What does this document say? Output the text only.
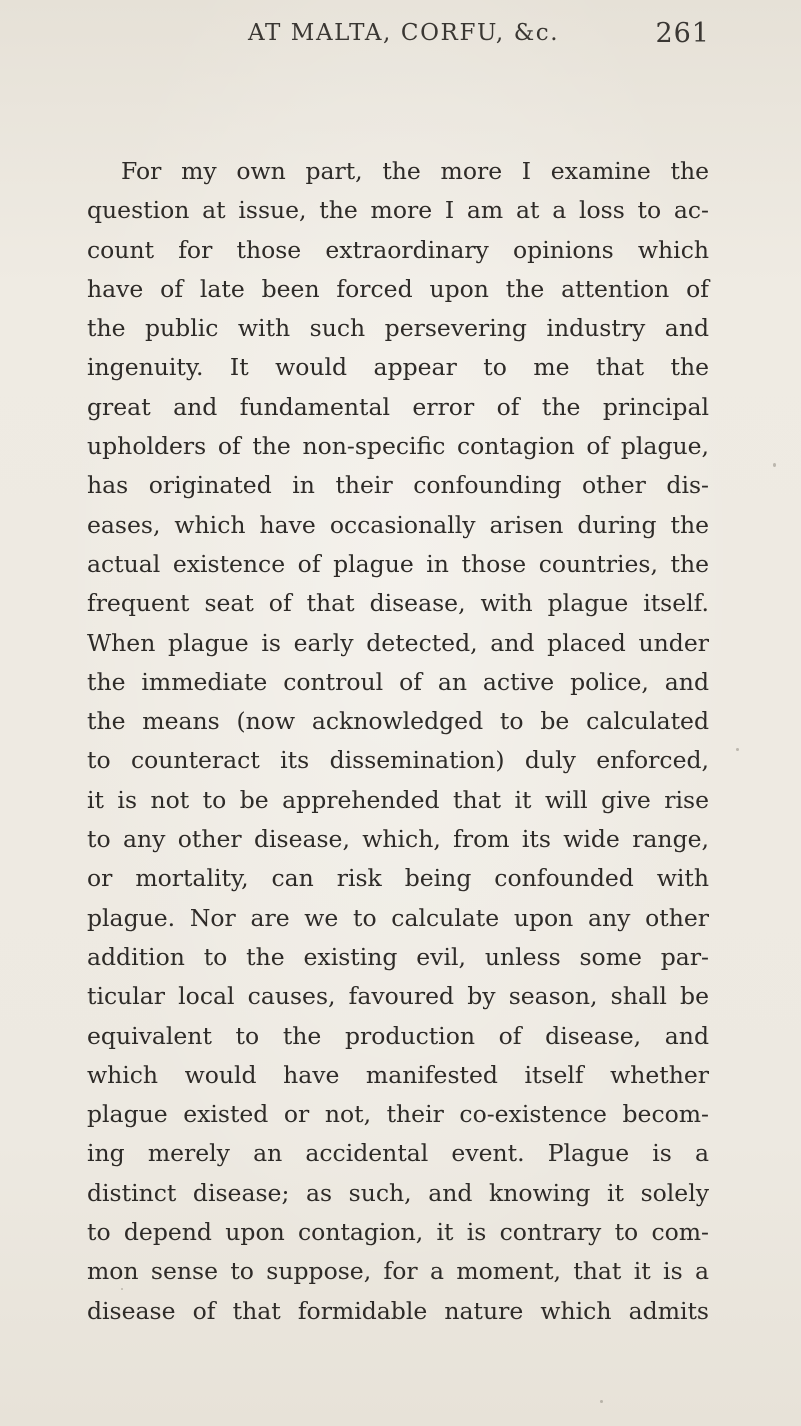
AT MALTA, CORFU, &c.	261
For my own part, the more I examine the
question at issue, the more I am at a loss to ac-
count for those extraordinary opinions which
have of late been forced upon the attention of
the public with such persevering industry and
ingenuity. It would appear to me that the
great and fundamental error of the principal
upholders of the non-specific contagion of plague,
has originated in their confounding other dis-
eases, which have occasionally arisen during the
actual existence of plague in those countries, the
frequent seat of that disease, with plague itself.
When plague is early detected, and placed under
the immediate controul of an active police, and
the means (now acknowledged to be calculated
to counteract its dissemination) duly enforced,
it is not to be apprehended that it will give rise
to any other disease, which, from its wide range,
or mortality, can risk being confounded with
plague. Nor are we to calculate upon any other
addition to the existing evil, unless some par-
ticular local causes, favoured by season, shall be
equivalent to the production of disease, and
which would have manifested itself whether
plague existed or not, their co-existence becom-
ing merely an accidental event. Plague is a
distinct disease; as such, and knowing it solely
to depend upon contagion, it is contrary to com-
mon sense to suppose, for a moment, that it is a
disease of that formidable nature which admits
